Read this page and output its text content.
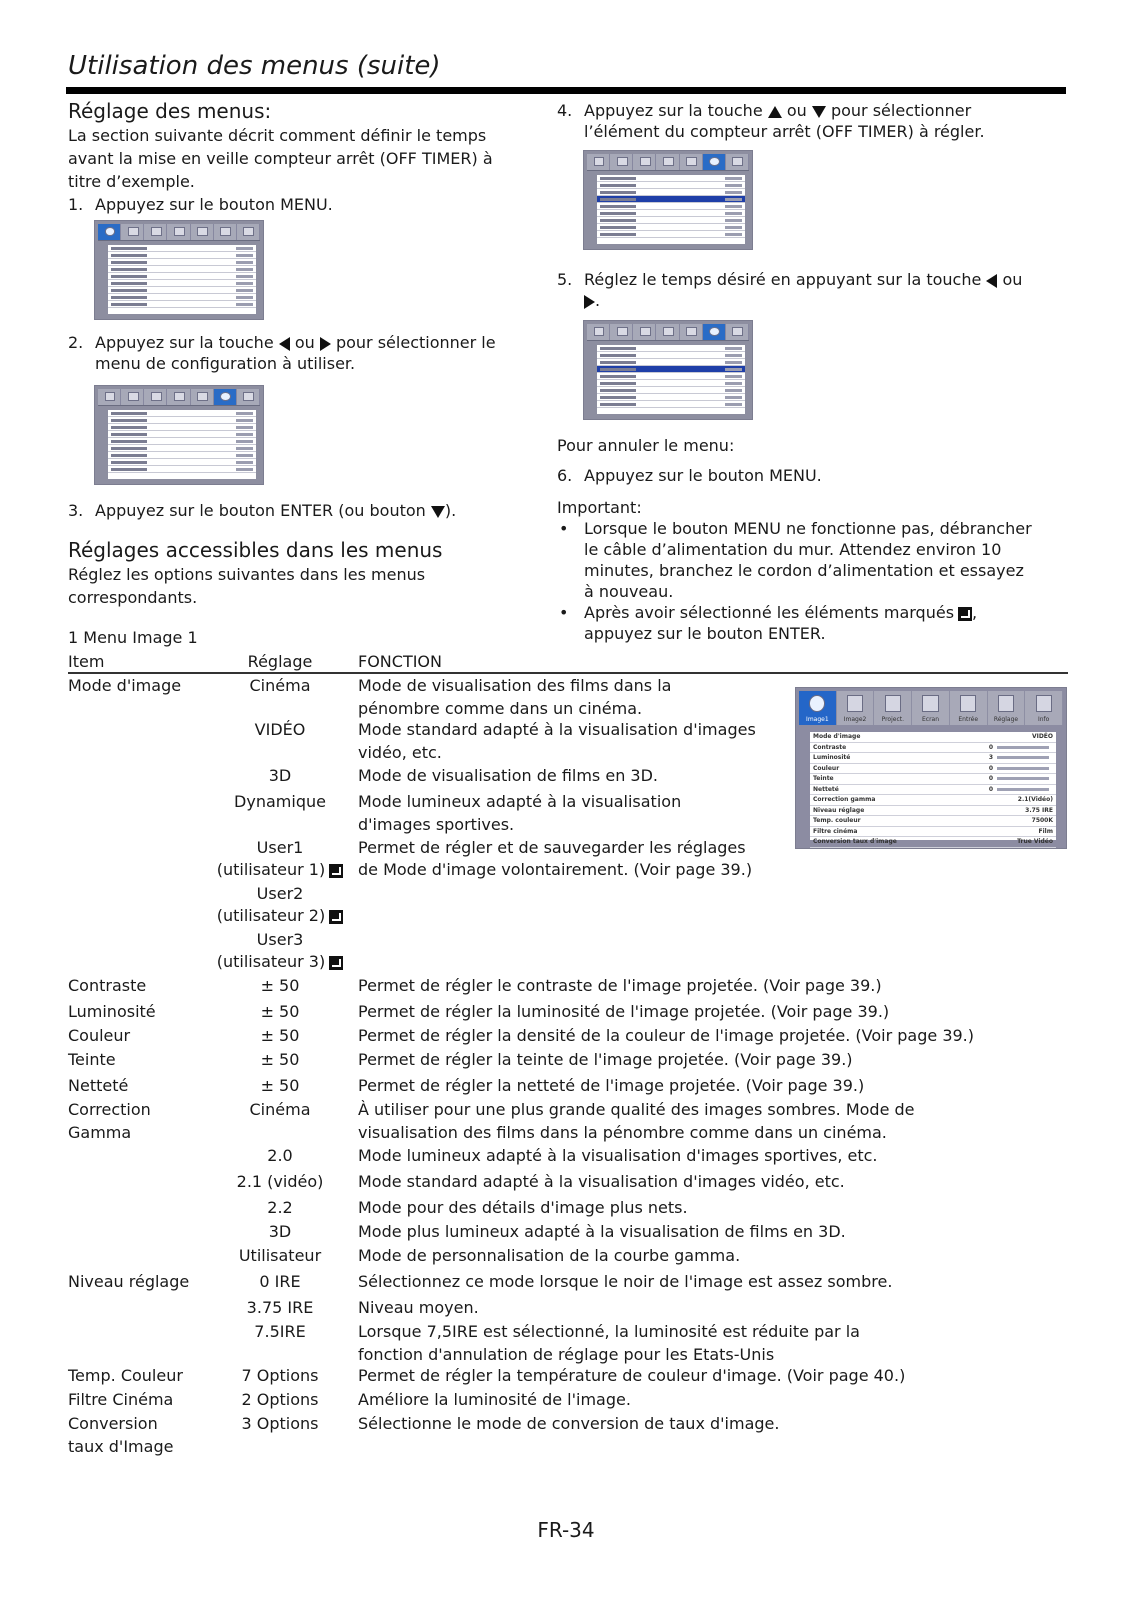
Utilisation des menus (suite)
Réglage des menus:
La section suivante décrit comment définir le temps avant la mise en veille compteur arrêt (OFF TIMER) à titre d’exemple.
1. Appuyez sur le bouton MENU.
2. Appuyez sur la touche ou pour sélectionner le menu de configuration à utiliser.
3. Appuyez sur le bouton ENTER (ou bouton ).
Réglages accessibles dans les menus
Réglez les options suivantes dans les menus correspondants.
1 Menu Image 1
4. Appuyez sur la touche ou pour sélectionner l’élément du compteur arrêt (OFF TIMER) à régler.
5. Réglez le temps désiré en appuyant sur la touche ou
.
Pour annuler le menu:
6. Appuyez sur le bouton MENU.
Important:
• Lorsque le bouton MENU ne fonctionne pas, débrancher le câble d’alimentation du mur. Attendez environ 10 minutes, branchez le cordon d’alimentation et essayez à nouveau.
• Après avoir sélectionné les éléments marqués , appuyez sur le bouton ENTER.
Image1	Image2	Project.	Ecran	Entrée	Réglage	Info
Mode d'image	VIDÉO
Contraste	0
Luminosité	3
Couleur	0
Teinte	0
Netteté	0
Correction gamma	2.1(Vidéo)
Niveau réglage	3.75 IRE
Temp. couleur	7500K
Filtre cinéma	Film
Conversion taux d'image	True Vidéo
Item	Réglage	FONCTION
Mode d'image	Cinéma	Mode de visualisation des films dans la pénombre comme dans un cinéma.
VIDÉO	Mode standard adapté à la visualisation d'images vidéo, etc.
3D	Mode de visualisation de films en 3D.
Dynamique	Mode lumineux adapté à la visualisation d'images sportives.
User1	Permet de régler et de sauvegarder les réglages
(utilisateur 1)	de Mode d'image volontairement. (Voir page 39.)
User2
(utilisateur 2)
User3
(utilisateur 3)
Contraste	± 50	Permet de régler le contraste de l'image projetée. (Voir page 39.)
Luminosité	± 50	Permet de régler la luminosité de l'image projetée. (Voir page 39.)
Couleur	± 50	Permet de régler la densité de la couleur de l'image projetée. (Voir page 39.)
Teinte	± 50	Permet de régler la teinte de l'image projetée. (Voir page 39.)
Netteté	± 50	Permet de régler la netteté de l'image projetée. (Voir page 39.)
Correction Gamma
Cinéma	À utiliser pour une plus grande qualité des images sombres. Mode de visualisation des films dans la pénombre comme dans un cinéma.
2.0	Mode lumineux adapté à la visualisation d'images sportives, etc.
2.1 (vidéo)	Mode standard adapté à la visualisation d'images vidéo, etc.
2.2	Mode pour des détails d'image plus nets.
3D	Mode plus lumineux adapté à la visualisation de films en 3D.
Utilisateur	Mode de personnalisation de la courbe gamma.
Niveau réglage	0 IRE	Sélectionnez ce mode lorsque le noir de l'image est assez sombre.
3.75 IRE	Niveau moyen.
7.5IRE	Lorsque 7,5IRE est sélectionné, la luminosité est réduite par la fonction d'annulation de réglage pour les Etats-Unis
Temp. Couleur	7 Options	Permet de régler la température de couleur d'image. (Voir page 40.)
Filtre Cinéma	2 Options	Améliore la luminosité de l'image.
Conversion taux d'Image
3 Options	Sélectionne le mode de conversion de taux d'image.
FR-34
